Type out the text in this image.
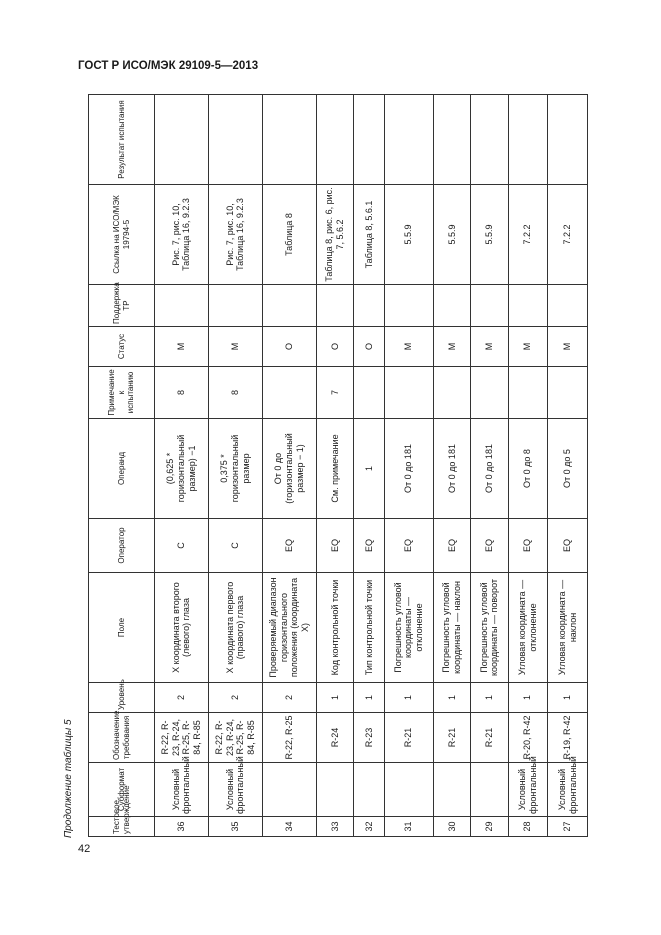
ГОСТ Р ИСО/МЭК 29109-5—2013
Продолжение таблицы 5	Тестовое утверждение	Субформат	Обозначение требования	Уровень	Поле	Оператор	Операнд	Примечание к испытанию	Статус	Поддержка ТР	Ссылка на ИСО/МЭК 19794-5	Результат испытания
36	Условный фронтальный	R-22, R-23, R-24, R-25, R-84, R-85	2	X координата второго (левого) глаза	C	(0,625 * горизонтальный размер) −1	8	M		Рис. 7, рис. 10, Таблица 16, 9.2.3	
35	Условный фронтальный	R-22, R-23, R-24, R-25, R-84, R-85	2	X координата первого (правого) глаза	C	0,375 * горизонтальный размер	8	M		Рис. 7, рис. 10, Таблица 16, 9.2.3	
34		R-22, R-25	2	Проверяемый диапазон горизонтального положения (координата X)	EQ	От 0 до (горизонтальный размер − 1)		O		Таблица 8	
33		R-24	1	Код контрольной точки	EQ	См. примечание	7	O		Таблица 8, рис. 6, рис. 7, 5.6.2	
32		R-23	1	Тип контрольной точки	EQ	1		O		Таблица 8, 5.6.1	
31		R-21	1	Погрешность угловой координаты — отклонение	EQ	От 0 до 181		M		5.5.9	
30		R-21	1	Погрешность угловой координаты — наклон	EQ	От 0 до 181		M		5.5.9	
29		R-21	1	Погрешность угловой координаты — поворот	EQ	От 0 до 181		M		5.5.9	
28	Условный фронтальный	R-20, R-42	1	Угловая координата — отклонение	EQ	От 0 до 8		M		7.2.2	
27	Условный фронтальный	R-19, R-42	1	Угловая координата — наклон	EQ	От 0 до 5		M		7.2.2	
42
